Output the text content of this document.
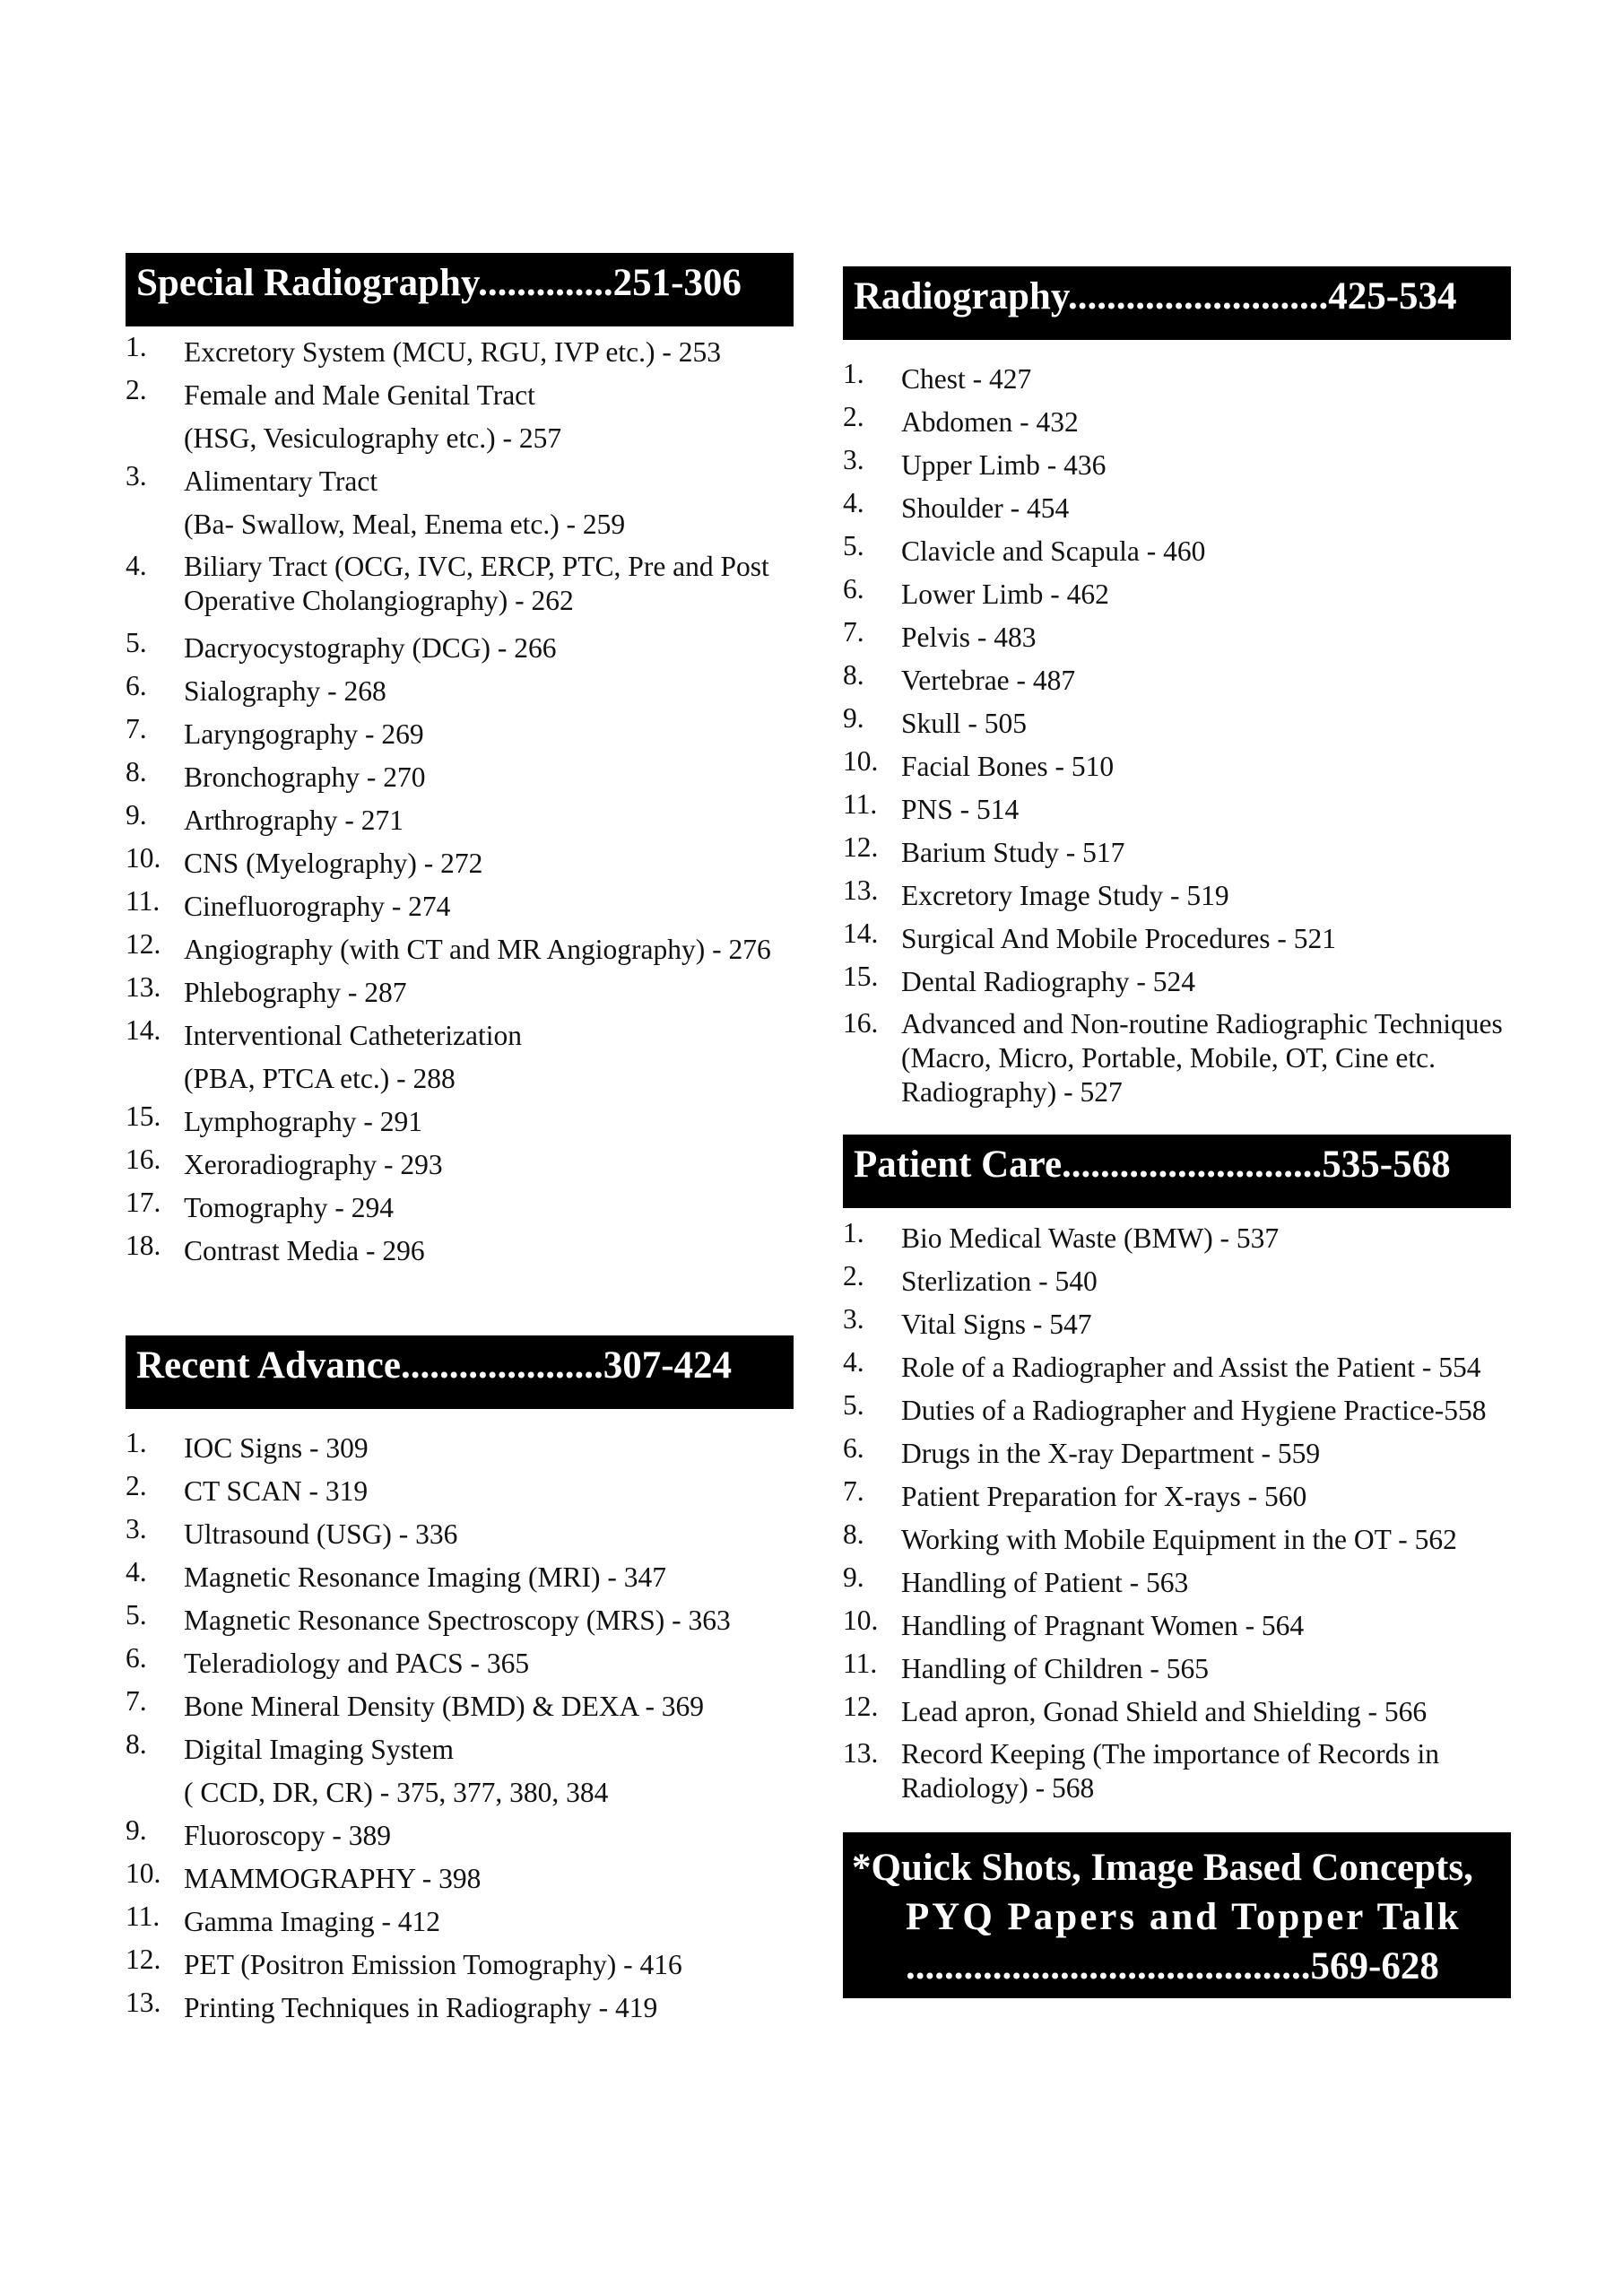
Special Radiography..............251-306
1.	Excretory System (MCU, RGU, IVP etc.) - 253
2.	Female and Male Genital Tract
(HSG, Vesiculography etc.) - 257
3.	Alimentary Tract
(Ba- Swallow, Meal, Enema etc.) - 259
4.	Biliary Tract (OCG, IVC, ERCP, PTC, Pre and Post
Operative Cholangiography) - 262
5.	Dacryocystography (DCG) - 266
6.	Sialography - 268
7.	Laryngography - 269
8.	Bronchography - 270
9.	Arthrography - 271
10. CNS (Myelography) - 272
11. Cinefluorography - 274
12. Angiography (with CT and MR Angiography) - 276
13. Phlebography - 287
14. Interventional Catheterization
(PBA, PTCA etc.) - 288
15. Lymphography - 291
16. Xeroradiography - 293
17. Tomography - 294
18. Contrast Media - 296
Recent Advance.....................307-424
1.	IOC Signs - 309
2.	CT SCAN - 319
3.	Ultrasound (USG) - 336
4.	Magnetic Resonance Imaging (MRI) - 347
5.	Magnetic Resonance Spectroscopy (MRS) - 363
6.	Teleradiology and PACS - 365
7.	Bone Mineral Density (BMD) & DEXA - 369
8.	Digital Imaging System
( CCD, DR, CR) - 375, 377, 380, 384
9.	Fluoroscopy - 389
10. MAMMOGRAPHY - 398
11. Gamma Imaging - 412
12. PET (Positron Emission Tomography) - 416
13. Printing Techniques in Radiography - 419
Radiography...........................425-534
1.	Chest - 427
2.	Abdomen - 432
3.	Upper Limb - 436
4.	Shoulder - 454
5.	Clavicle and Scapula - 460
6.	Lower Limb - 462
7.	Pelvis - 483
8.	Vertebrae - 487
9.	Skull - 505
10. Facial Bones - 510
11. PNS - 514
12. Barium Study - 517
13. Excretory Image Study - 519
14. Surgical And Mobile Procedures - 521
15. Dental Radiography - 524
16. Advanced and Non-routine Radiographic Techniques
(Macro, Micro, Portable, Mobile, OT, Cine etc.
Radiography) - 527
Patient Care...........................535-568
1.	Bio Medical Waste (BMW) - 537
2.	Sterlization - 540
3.	Vital Signs - 547
4.	Role of a Radiographer and Assist the Patient - 554
5.	Duties of a Radiographer and Hygiene Practice-558
6.	Drugs in the X-ray Department - 559
7.	Patient Preparation for X-rays - 560
8.	Working with Mobile Equipment in the OT - 562
9.	Handling of Patient - 563
10. Handling of Pragnant Women - 564
11. Handling of Children - 565
12. Lead apron, Gonad Shield and Shielding - 566
13. Record Keeping (The importance of Records in
Radiology) - 568
*Quick Shots, Image Based Concepts,
PYQ Papers and Topper Talk
..........................................569-628
